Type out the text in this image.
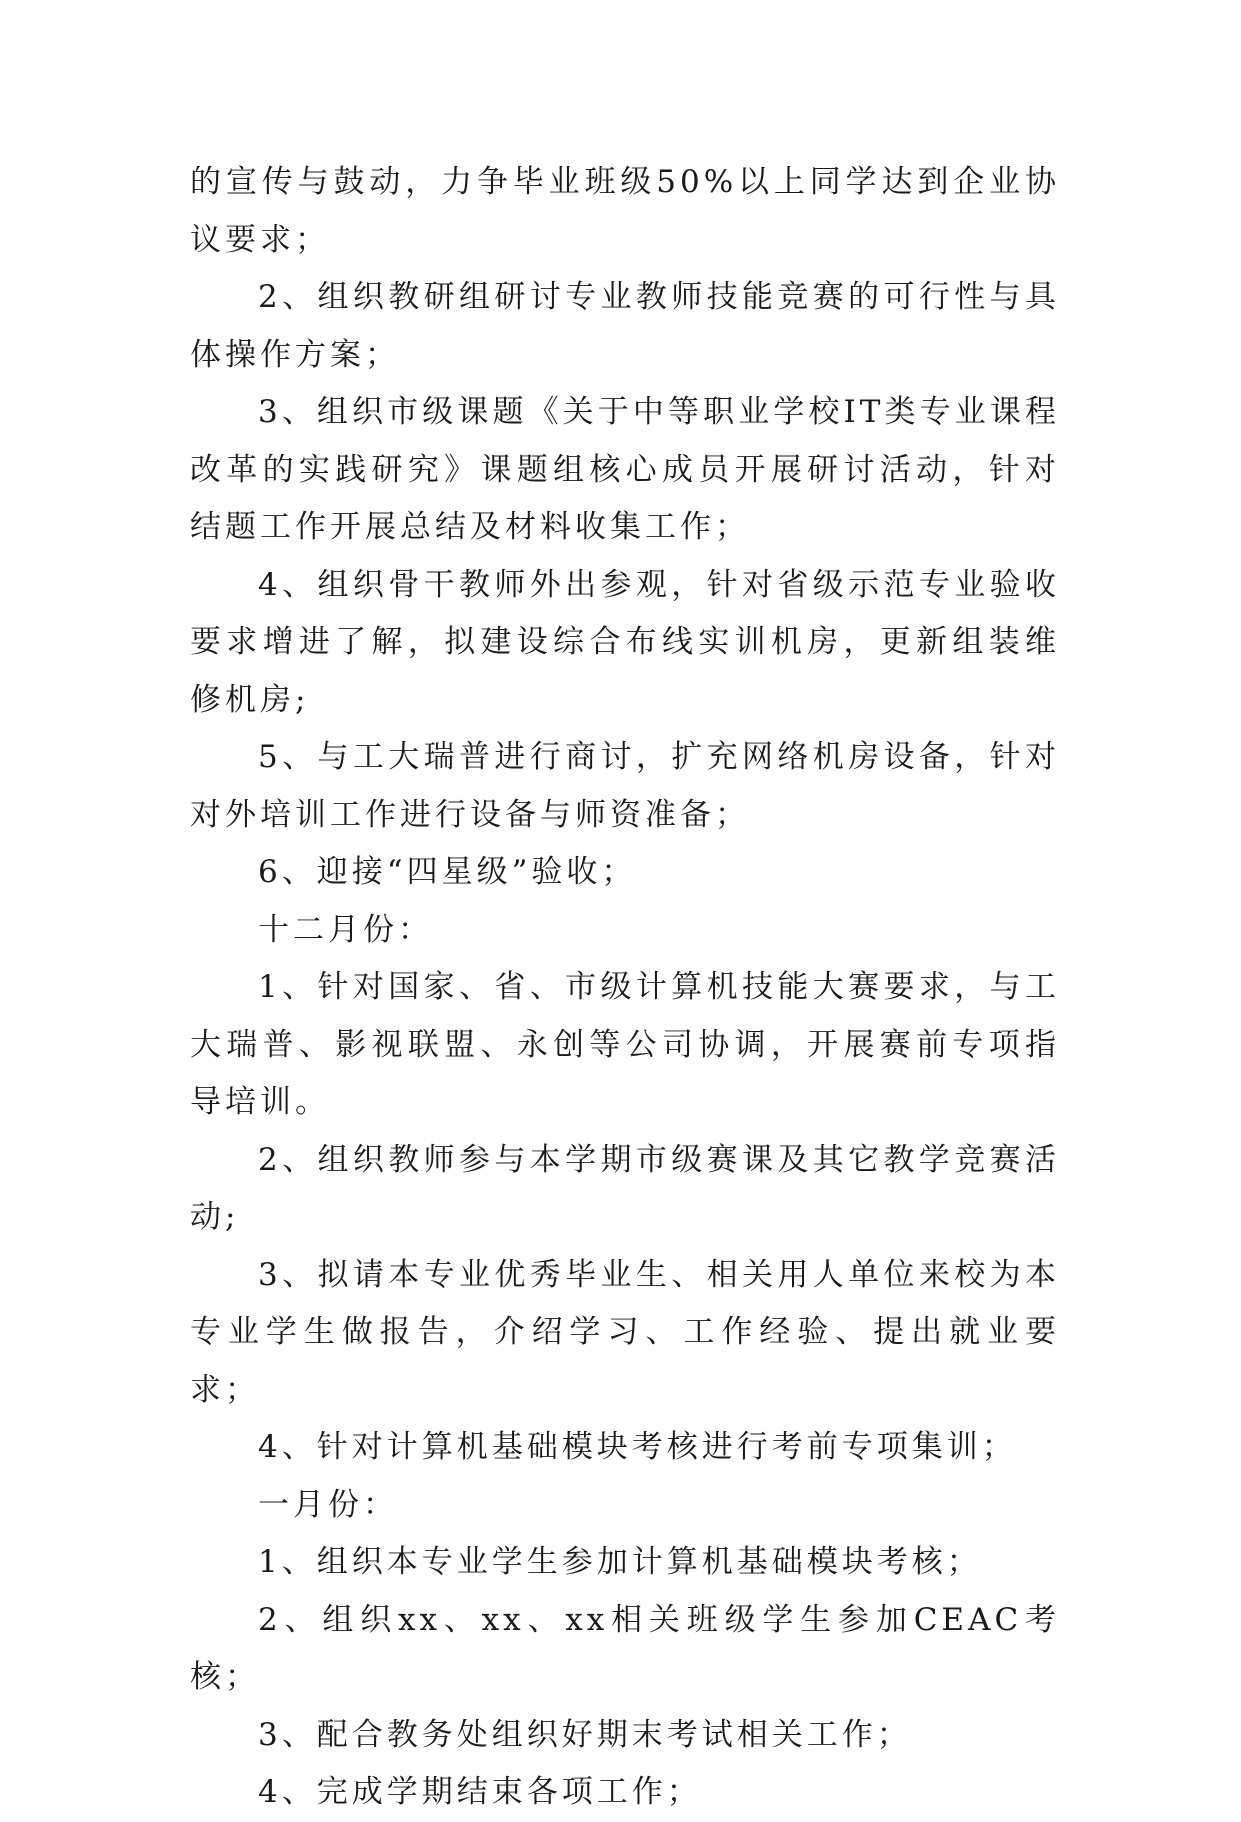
的宣传与鼓动，力争毕业班级50%以上同学达到企业协议要求；

2、组织教研组研讨专业教师技能竞赛的可行性与具体操作方案；

3、组织市级课题《关于中等职业学校IT类专业课程改革的实践研究》课题组核心成员开展研讨活动，针对结题工作开展总结及材料收集工作；

4、组织骨干教师外出参观，针对省级示范专业验收要求增进了解，拟建设综合布线实训机房，更新组装维修机房;

5、与工大瑞普进行商讨，扩充网络机房设备，针对对外培训工作进行设备与师资准备；

6、迎接“四星级”验收；

十二月份：

1、针对国家、省、市级计算机技能大赛要求，与工大瑞普、影视联盟、永创等公司协调，开展赛前专项指导培训。

2、组织教师参与本学期市级赛课及其它教学竞赛活动;

3、拟请本专业优秀毕业生、相关用人单位来校为本专业学生做报告，介绍学习、工作经验、提出就业要求；

4、针对计算机基础模块考核进行考前专项集训；

一月份：

1、组织本专业学生参加计算机基础模块考核；

2、组织xx、xx、xx相关班级学生参加CEAC考核；

3、配合教务处组织好期末考试相关工作；

4、完成学期结束各项工作；
